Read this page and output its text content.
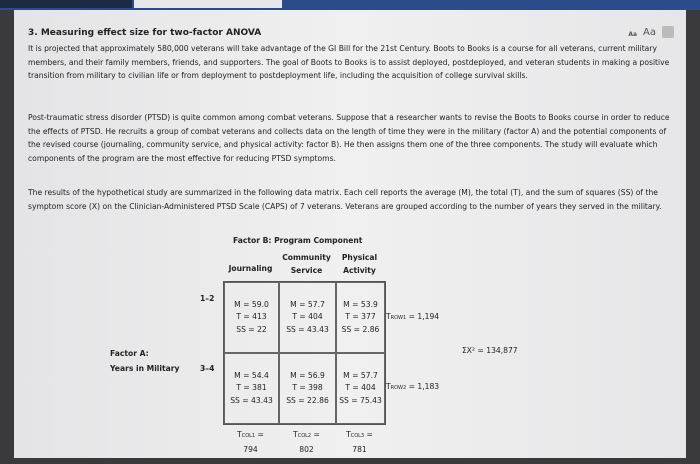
3. Measuring effect size for two-factor ANOVA	Aa Aa
It is projected that approximately 580,000 veterans will take advantage of the GI Bill for the 21st Century. Boots to Books is a course for all veterans, current military members, and their family members, friends, and supporters. The goal of Boots to Books is to assist deployed, postdeployed, and veteran students in making a positive transition from military to civilian life or from deployment to postdeployment life, including the acquisition of college survival skills.
Post-traumatic stress disorder (PTSD) is quite common among combat veterans. Suppose that a researcher wants to revise the Boots to Books course in order to reduce the effects of PTSD. He recruits a group of combat veterans and collects data on the length of time they were in the military (factor A) and the potential components of the revised course (journaling, community service, and physical activity: factor B). He then assigns them one of the three components. The study will evaluate which components of the program are the most effective for reducing PTSD symptoms.
The results of the hypothetical study are summarized in the following data matrix. Each cell reports the average (M), the total (T), and the sum of squares (SS) of the symptom score (X) on the Clinician-Administered PTSD Scale (CAPS) of 7 veterans. Veterans are grouped according to the number of years they served in the military.
Factor B: Program Component
Journaling
Community
Service
Physical
Activity
1–2
3–4
Factor A:
Years in Military
M = 59.0
T = 413
SS = 22
M = 57.7
T = 404
SS = 43.43
M = 53.9
T = 377
SS = 2.86
M = 54.4
T = 381
SS = 43.43
M = 56.9
T = 398
SS = 22.86
M = 57.7
T = 404
SS = 75.43
TROW1 = 1,194
TROW2 = 1,183
ΣX² = 134,877
TCOL1 =
794
TCOL2 =
802
TCOL3 =
781
